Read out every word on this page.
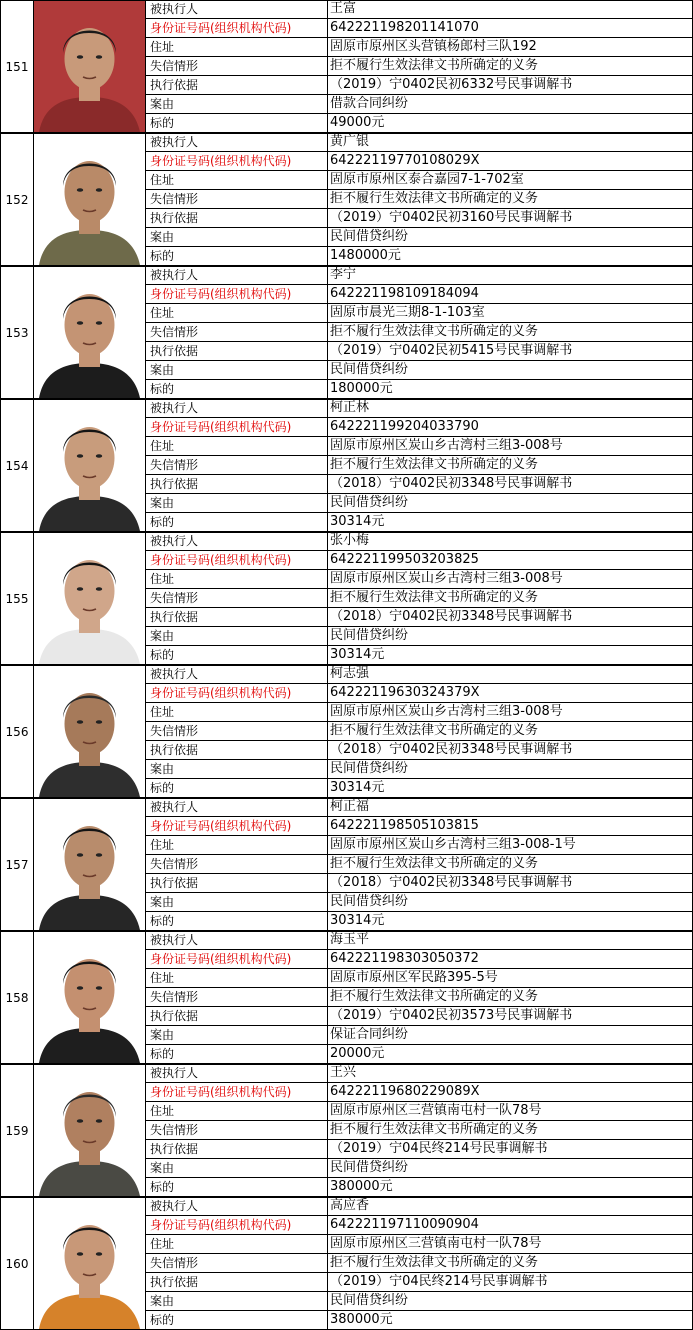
151
被执行人	王富
身份证号码(组织机构代码)	642221198201141070
住址	固原市原州区头营镇杨郎村三队192
失信情形	拒不履行生效法律文书所确定的义务
执行依据	（2019）宁0402民初6332号民事调解书
案由	借款合同纠纷
标的	49000元
152
被执行人	黄广银
身份证号码(组织机构代码)	64222119770108029X
住址	固原市原州区泰合嘉园7-1-702室
失信情形	拒不履行生效法律文书所确定的义务
执行依据	（2019）宁0402民初3160号民事调解书
案由	民间借贷纠纷
标的	1480000元
153
被执行人	李宁
身份证号码(组织机构代码)	642221198109184094
住址	固原市晨光三期8-1-103室
失信情形	拒不履行生效法律文书所确定的义务
执行依据	（2019）宁0402民初5415号民事调解书
案由	民间借贷纠纷
标的	180000元
154
被执行人	柯正林
身份证号码(组织机构代码)	642221199204033790
住址	固原市原州区炭山乡古湾村三组3-008号
失信情形	拒不履行生效法律文书所确定的义务
执行依据	（2018）宁0402民初3348号民事调解书
案由	民间借贷纠纷
标的	30314元
155
被执行人	张小梅
身份证号码(组织机构代码)	642221199503203825
住址	固原市原州区炭山乡古湾村三组3-008号
失信情形	拒不履行生效法律文书所确定的义务
执行依据	（2018）宁0402民初3348号民事调解书
案由	民间借贷纠纷
标的	30314元
156
被执行人	柯志强
身份证号码(组织机构代码)	64222119630324379X
住址	固原市原州区炭山乡古湾村三组3-008号
失信情形	拒不履行生效法律文书所确定的义务
执行依据	（2018）宁0402民初3348号民事调解书
案由	民间借贷纠纷
标的	30314元
157
被执行人	柯正福
身份证号码(组织机构代码)	642221198505103815
住址	固原市原州区炭山乡古湾村三组3-008-1号
失信情形	拒不履行生效法律文书所确定的义务
执行依据	（2018）宁0402民初3348号民事调解书
案由	民间借贷纠纷
标的	30314元
158
被执行人	海玉平
身份证号码(组织机构代码)	642221198303050372
住址	固原市原州区军民路395-5号
失信情形	拒不履行生效法律文书所确定的义务
执行依据	（2019）宁0402民初3573号民事调解书
案由	保证合同纠纷
标的	20000元
159
被执行人	王兴
身份证号码(组织机构代码)	64222119680229089X
住址	固原市原州区三营镇南屯村一队78号
失信情形	拒不履行生效法律文书所确定的义务
执行依据	（2019）宁04民终214号民事调解书
案由	民间借贷纠纷
标的	380000元
160
被执行人	高应香
身份证号码(组织机构代码)	642221197110090904
住址	固原市原州区三营镇南屯村一队78号
失信情形	拒不履行生效法律文书所确定的义务
执行依据	（2019）宁04民终214号民事调解书
案由	民间借贷纠纷
标的	380000元
